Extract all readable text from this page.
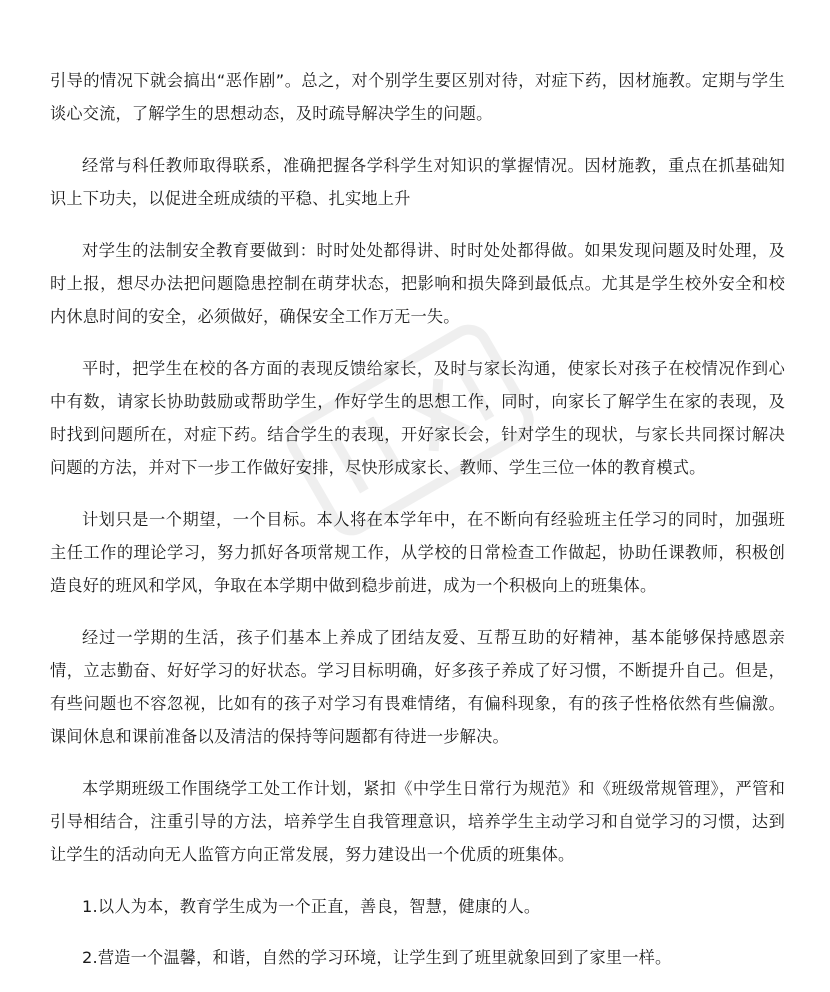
引导的情况下就会搞出“恶作剧”。总之，对个别学生要区别对待，对症下药，因材施教。定期与学生谈心交流，了解学生的思想动态，及时疏导解决学生的问题。

经常与科任教师取得联系，准确把握各学科学生对知识的掌握情况。因材施教，重点在抓基础知识上下功夫，以促进全班成绩的平稳、扎实地上升

对学生的法制安全教育要做到：时时处处都得讲、时时处处都得做。如果发现问题及时处理，及时上报，想尽办法把问题隐患控制在萌芽状态，把影响和损失降到最低点。尤其是学生校外安全和校内休息时间的安全，必须做好，确保安全工作万无一失。

平时，把学生在校的各方面的表现反馈给家长，及时与家长沟通，使家长对孩子在校情况作到心中有数，请家长协助鼓励或帮助学生，作好学生的思想工作，同时，向家长了解学生在家的表现，及时找到问题所在，对症下药。结合学生的表现，开好家长会，针对学生的现状，与家长共同探讨解决问题的方法，并对下一步工作做好安排，尽快形成家长、教师、学生三位一体的教育模式。

计划只是一个期望，一个目标。本人将在本学年中，在不断向有经验班主任学习的同时，加强班主任工作的理论学习，努力抓好各项常规工作，从学校的日常检查工作做起，协助任课教师，积极创造良好的班风和学风，争取在本学期中做到稳步前进，成为一个积极向上的班集体。

经过一学期的生活，孩子们基本上养成了团结友爱、互帮互助的好精神，基本能够保持感恩亲情，立志勤奋、好好学习的好状态。学习目标明确，好多孩子养成了好习惯，不断提升自己。但是，有些问题也不容忽视，比如有的孩子对学习有畏难情绪，有偏科现象，有的孩子性格依然有些偏激。课间休息和课前准备以及清洁的保持等问题都有待进一步解决。

本学期班级工作围绕学工处工作计划，紧扣《中学生日常行为规范》和《班级常规管理》，严管和引导相结合，注重引导的方法，培养学生自我管理意识，培养学生主动学习和自觉学习的习惯，达到让学生的活动向无人监管方向正常发展，努力建设出一个优质的班集体。

1.以人为本，教育学生成为一个正直，善良，智慧，健康的人。

2.营造一个温馨，和谐，自然的学习环境，让学生到了班里就象回到了家里一样。
